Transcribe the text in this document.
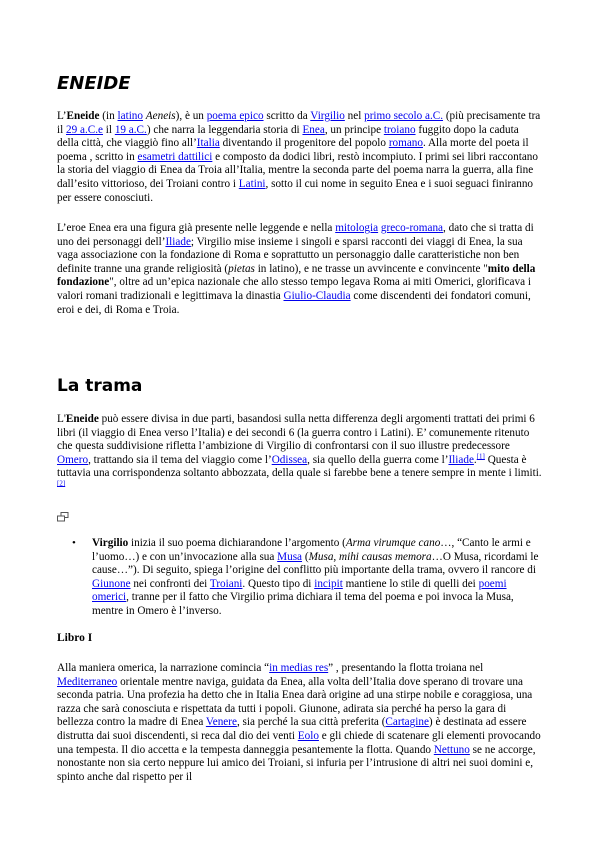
ENEIDE

L’Eneide (in latino Aeneis), è un poema epico scritto da Virgilio nel primo secolo a.C. (più precisamente tra il 29 a.C.e il 19 a.C.) che narra la leggendaria storia di Enea, un principe troiano fuggito dopo la caduta della città, che viaggiò fino all’Italia diventando il progenitore del popolo romano. Alla morte del poeta il poema , scritto in esametri dattilici e composto da dodici libri, restò incompiuto. I primi sei libri raccontano la storia del viaggio di Enea da Troia all’Italia, mentre la seconda parte del poema narra la guerra, alla fine dall’esito vittorioso, dei Troiani contro i Latini, sotto il cui nome in seguito Enea e i suoi seguaci finiranno per essere conosciuti.

L’eroe Enea era una figura già presente nelle leggende e nella mitologia greco-romana, dato che si tratta di uno dei personaggi dell’Iliade; Virgilio mise insieme i singoli e sparsi racconti dei viaggi di Enea, la sua vaga associazione con la fondazione di Roma e soprattutto un personaggio dalle caratteristiche non ben definite tranne una grande religiosità (pietas in latino), e ne trasse un avvincente e convincente "mito della fondazione", oltre ad un’epica nazionale che allo stesso tempo legava Roma ai miti Omerici, glorificava i valori romani tradizionali e legittimava la dinastia Giulio-Claudia come discendenti dei fondatori comuni, eroi e dei, di Roma e Troia.

La trama

L'Eneide può essere divisa in due parti, basandosi sulla netta differenza degli argomenti trattati dei primi 6 libri (il viaggio di Enea verso l’Italia) e dei secondi 6 (la guerra contro i Latini). E’ comunemente ritenuto che questa suddivisione rifletta l’ambizione di Virgilio di confrontarsi con il suo illustre predecessore Omero, trattando sia il tema del viaggio come l’Odissea, sia quello della guerra come l’Iliade.[1] Questa è tuttavia una corrispondenza soltanto abbozzata, della quale si farebbe bene a tenere sempre in mente i limiti.[2]

• Virgilio inizia il suo poema dichiarandone l’argomento (Arma virumque cano…, “Canto le armi e l’uomo…) e con un’invocazione alla sua Musa (Musa, mihi causas memora…O Musa, ricordami le cause…”). Di seguito, spiega l’origine del conflitto più importante della trama, ovvero il rancore di Giunone nei confronti dei Troiani. Questo tipo di incipit mantiene lo stile di quelli dei poemi omerici, tranne per il fatto che Virgilio prima dichiara il tema del poema e poi invoca la Musa, mentre in Omero è l’inverso.

Libro I

Alla maniera omerica, la narrazione comincia “in medias res” , presentando la flotta troiana nel Mediterraneo orientale mentre naviga, guidata da Enea, alla volta dell’Italia dove sperano di trovare una seconda patria. Una profezia ha detto che in Italia Enea darà origine ad una stirpe nobile e coraggiosa, una razza che sarà conosciuta e rispettata da tutti i popoli. Giunone, adirata sia perché ha perso la gara di bellezza contro la madre di Enea Venere, sia perché la sua città preferita (Cartagine) è destinata ad essere distrutta dai suoi discendenti, si reca dal dio dei venti Eolo e gli chiede di scatenare gli elementi provocando una tempesta. Il dio accetta e la tempesta danneggia pesantemente la flotta. Quando Nettuno se ne accorge, nonostante non sia certo neppure lui amico dei Troiani, si infuria per l’intrusione di altri nei suoi domini e, spinto anche dal rispetto per il
